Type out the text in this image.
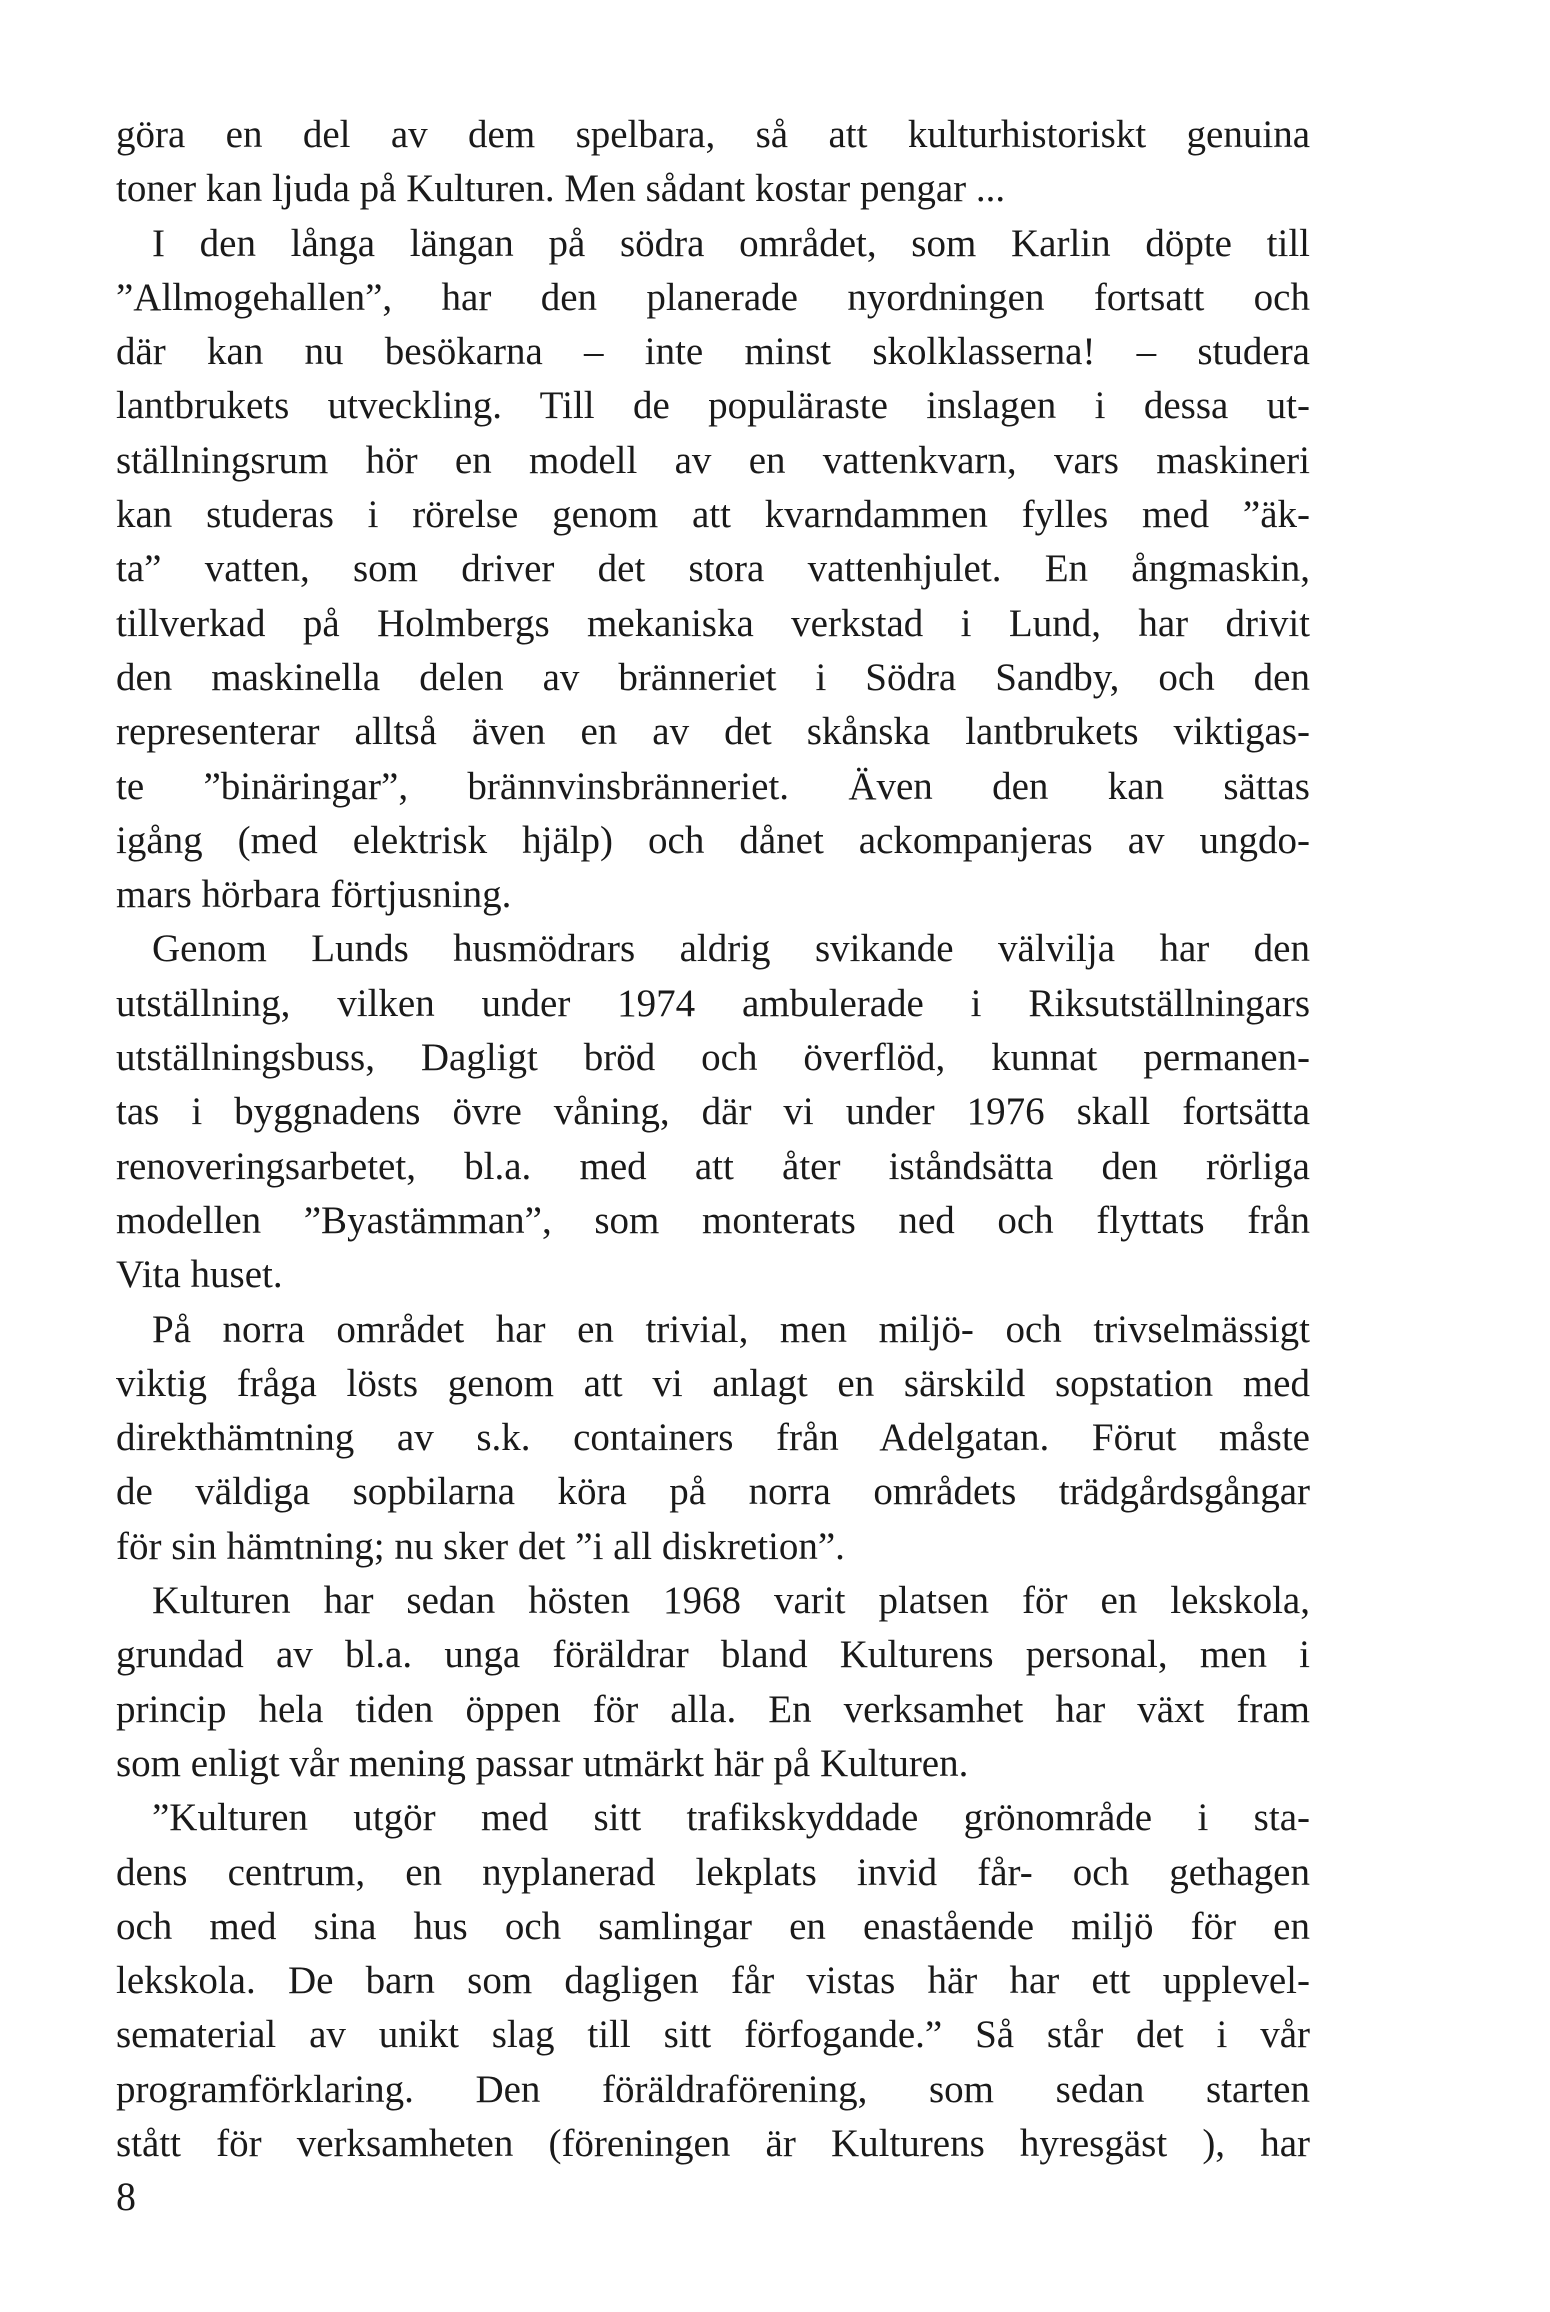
göra en del av dem spelbara, så att kulturhistoriskt genuina
toner kan ljuda på Kulturen. Men sådant kostar pengar ...
I den långa längan på södra området, som Karlin döpte till
”Allmogehallen”, har den planerade nyordningen fortsatt och
där kan nu besökarna – inte minst skolklasserna! – studera
lantbrukets utveckling. Till de populäraste inslagen i dessa ut-
ställningsrum hör en modell av en vattenkvarn, vars maskineri
kan studeras i rörelse genom att kvarndammen fylles med ”äk-
ta” vatten, som driver det stora vattenhjulet. En ångmaskin,
tillverkad på Holmbergs mekaniska verkstad i Lund, har drivit
den maskinella delen av bränneriet i Södra Sandby, och den
representerar alltså även en av det skånska lantbrukets viktigas-
te ”binäringar”, brännvinsbränneriet. Även den kan sättas
igång (med elektrisk hjälp) och dånet ackompanjeras av ungdo-
mars hörbara förtjusning.
Genom Lunds husmödrars aldrig svikande välvilja har den
utställning, vilken under 1974 ambulerade i Riksutställningars
utställningsbuss, Dagligt bröd och överflöd, kunnat permanen-
tas i byggnadens övre våning, där vi under 1976 skall fortsätta
renoveringsarbetet, bl.a. med att åter iståndsätta den rörliga
modellen ”Byastämman”, som monterats ned och flyttats från
Vita huset.
På norra området har en trivial, men miljö- och trivselmässigt
viktig fråga lösts genom att vi anlagt en särskild sopstation med
direkthämtning av s.k. containers från Adelgatan. Förut måste
de väldiga sopbilarna köra på norra områdets trädgårdsgångar
för sin hämtning; nu sker det ”i all diskretion”.
Kulturen har sedan hösten 1968 varit platsen för en lekskola,
grundad av bl.a. unga föräldrar bland Kulturens personal, men i
princip hela tiden öppen för alla. En verksamhet har växt fram
som enligt vår mening passar utmärkt här på Kulturen.
”Kulturen utgör med sitt trafikskyddade grönområde i sta-
dens centrum, en nyplanerad lekplats invid får- och gethagen
och med sina hus och samlingar en enastående miljö för en
lekskola. De barn som dagligen får vistas här har ett upplevel-
sematerial av unikt slag till sitt förfogande.” Så står det i vår
programförklaring. Den föräldraförening, som sedan starten
stått för verksamheten (föreningen är Kulturens hyresgäst ), har
8
